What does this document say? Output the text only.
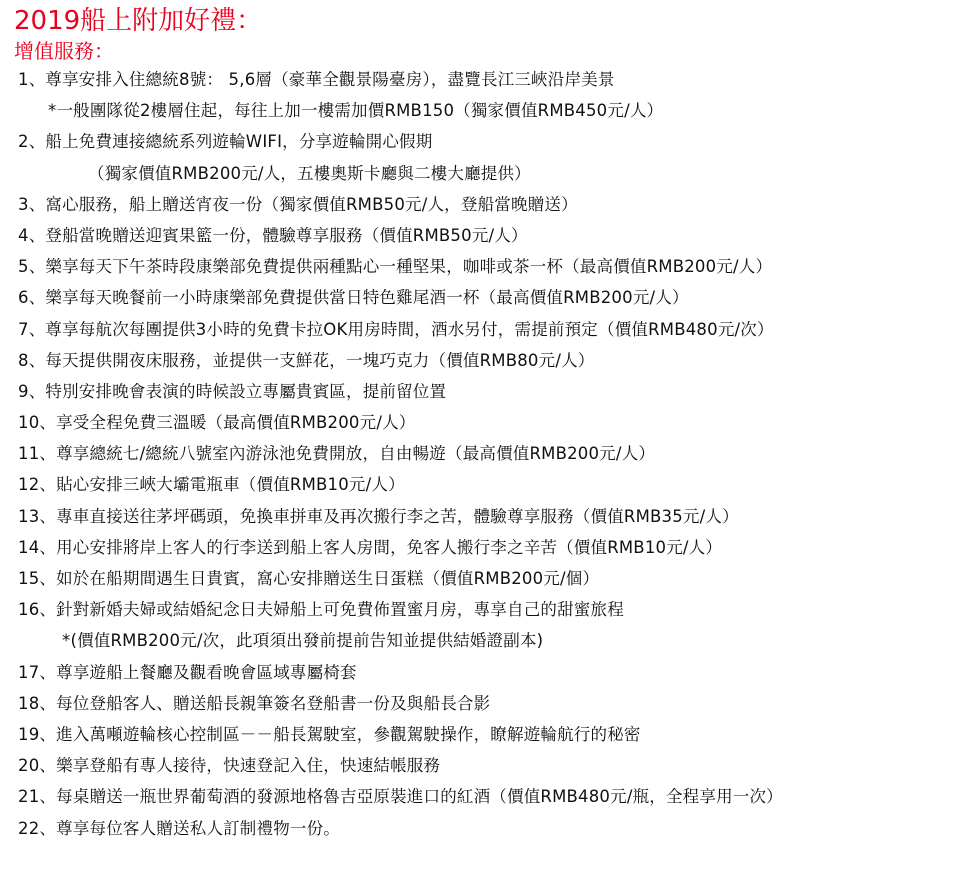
2019船上附加好禮：
增值服務：
1、尊享安排入住總統8號： 5,6層（豪華全觀景陽臺房），盡覽長江三峽沿岸美景
*一般團隊從2樓層住起，每往上加一樓需加價RMB150（獨家價值RMB450元/人）
2、船上免費連接總統系列遊輪WIFI，分享遊輪開心假期
（獨家價值RMB200元/人，五樓奧斯卡廳與二樓大廳提供）
3、窩心服務，船上贈送宵夜一份（獨家價值RMB50元/人，登船當晚贈送）
4、登船當晚贈送迎賓果籃一份，體驗尊享服務（價值RMB50元/人）
5、樂享每天下午茶時段康樂部免費提供兩種點心一種堅果，咖啡或茶一杯（最高價值RMB200元/人）
6、樂享每天晚餐前一小時康樂部免費提供當日特色雞尾酒一杯（最高價值RMB200元/人）
7、尊享每航次每團提供3小時的免費卡拉OK用房時間，酒水另付，需提前預定（價值RMB480元/次）
8、每天提供開夜床服務，並提供一支鮮花，一塊巧克力（價值RMB80元/人）
9、特別安排晚會表演的時候設立專屬貴賓區，提前留位置
10、享受全程免費三溫暖（最高價值RMB200元/人）
11、尊享總統七/總統八號室內游泳池免費開放，自由暢遊（最高價值RMB200元/人）
12、貼心安排三峽大壩電瓶車（價值RMB10元/人）
13、專車直接送往茅坪碼頭，免換車拼車及再次搬行李之苦，體驗尊享服務（價值RMB35元/人）
14、用心安排將岸上客人的行李送到船上客人房間，免客人搬行李之辛苦（價值RMB10元/人）
15、如於在船期間遇生日貴賓，窩心安排贈送生日蛋糕（價值RMB200元/個）
16、針對新婚夫婦或結婚紀念日夫婦船上可免費佈置蜜月房，專享自己的甜蜜旅程
*(價值RMB200元/次，此項須出發前提前告知並提供結婚證副本)
17、尊享遊船上餐廳及觀看晚會區域專屬椅套
18、每位登船客人、贈送船長親筆簽名登船書一份及與船長合影
19、進入萬噸遊輪核心控制區－－船長駕駛室，參觀駕駛操作，瞭解遊輪航行的秘密
20、樂享登船有專人接待，快速登記入住，快速結帳服務
21、每桌贈送一瓶世界葡萄酒的發源地格魯吉亞原裝進口的紅酒（價值RMB480元/瓶，全程享用一次）
22、尊享每位客人贈送私人訂制禮物一份。
